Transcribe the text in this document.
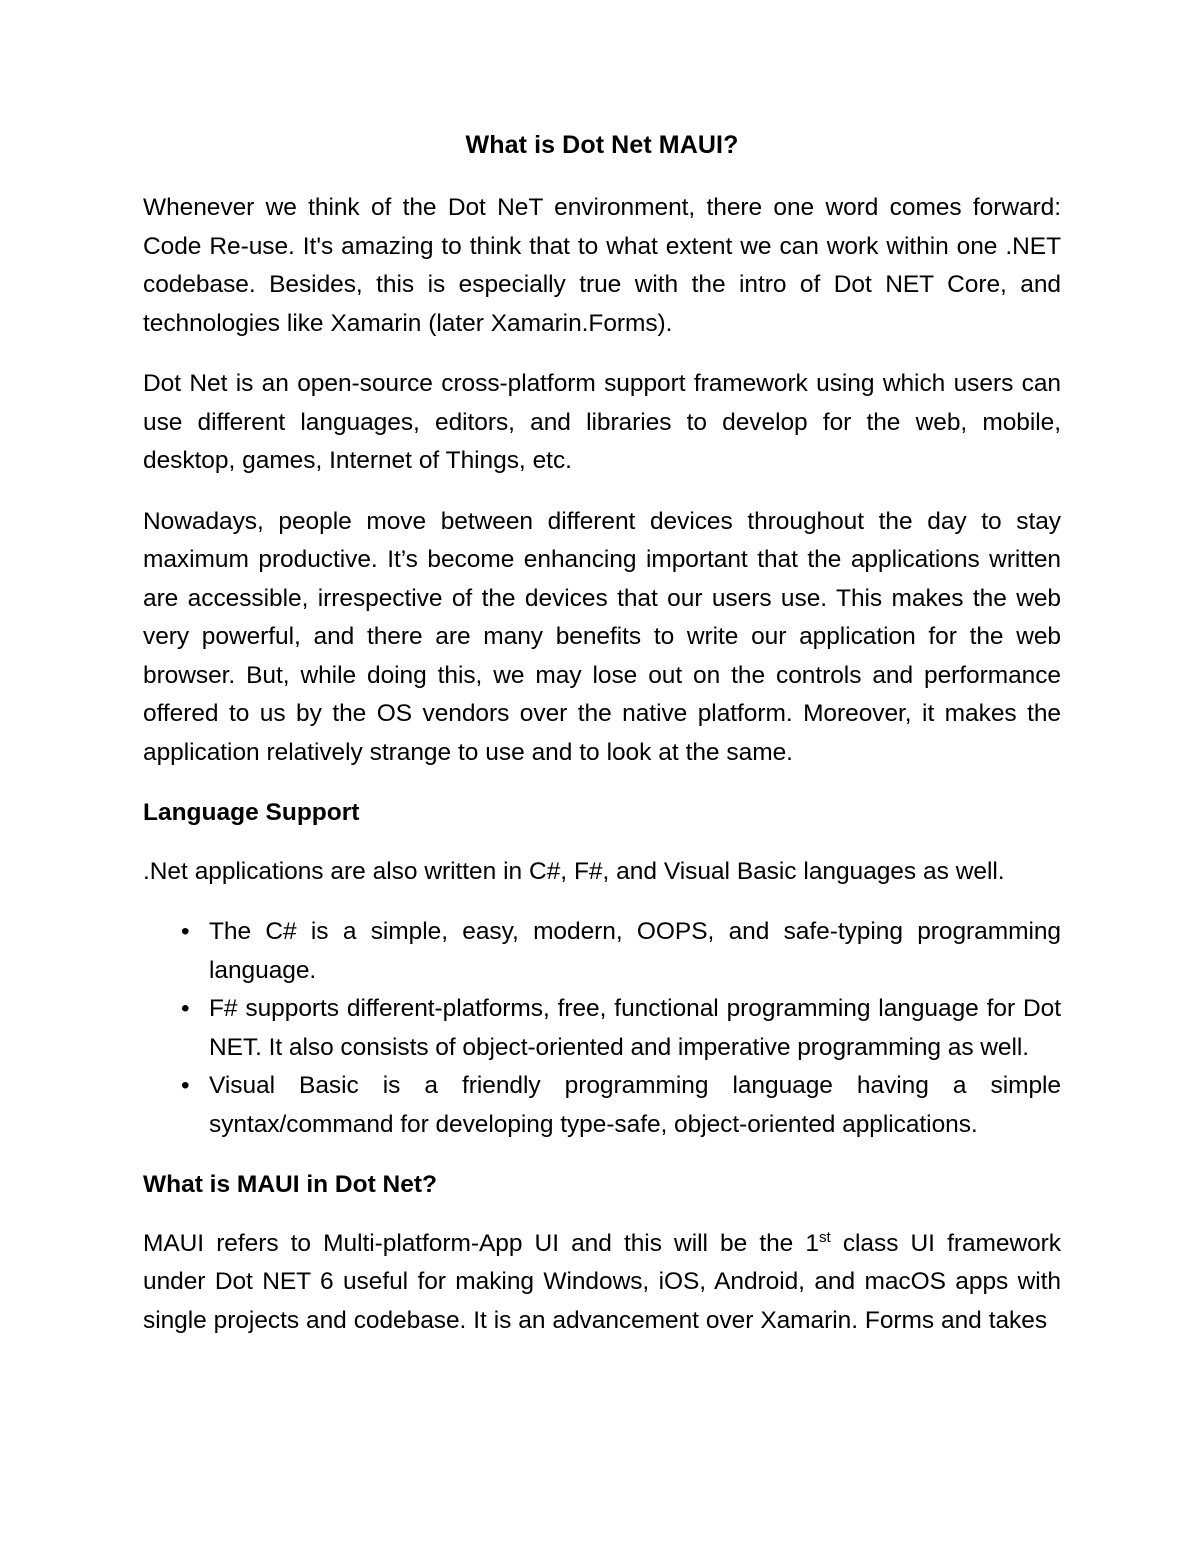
What is Dot Net MAUI?

Whenever we think of the Dot NeT environment, there one word comes forward: Code Re-use. It's amazing to think that to what extent we can work within one .NET codebase. Besides, this is especially true with the intro of Dot NET Core, and technologies like Xamarin (later Xamarin.Forms).

Dot Net is an open-source cross-platform support framework using which users can use different languages, editors, and libraries to develop for the web, mobile, desktop, games, Internet of Things, etc.

Nowadays, people move between different devices throughout the day to stay maximum productive. It’s become enhancing important that the applications written are accessible, irrespective of the devices that our users use. This makes the web very powerful, and there are many benefits to write our application for the web browser. But, while doing this, we may lose out on the controls and performance offered to us by the OS vendors over the native platform. Moreover, it makes the application relatively strange to use and to look at the same.

Language Support

.Net applications are also written in C#, F#, and Visual Basic languages as well.

• The C# is a simple, easy, modern, OOPS, and safe-typing programming language.
• F# supports different-platforms, free, functional programming language for Dot NET. It also consists of object-oriented and imperative programming as well.
• Visual Basic is a friendly programming language having a simple syntax/command for developing type-safe, object-oriented applications.
What is MAUI in Dot Net?

MAUI refers to Multi-platform-App UI and this will be the 1st class UI framework under Dot NET 6 useful for making Windows, iOS, Android, and macOS apps with single projects and codebase. It is an advancement over Xamarin. Forms and takes
